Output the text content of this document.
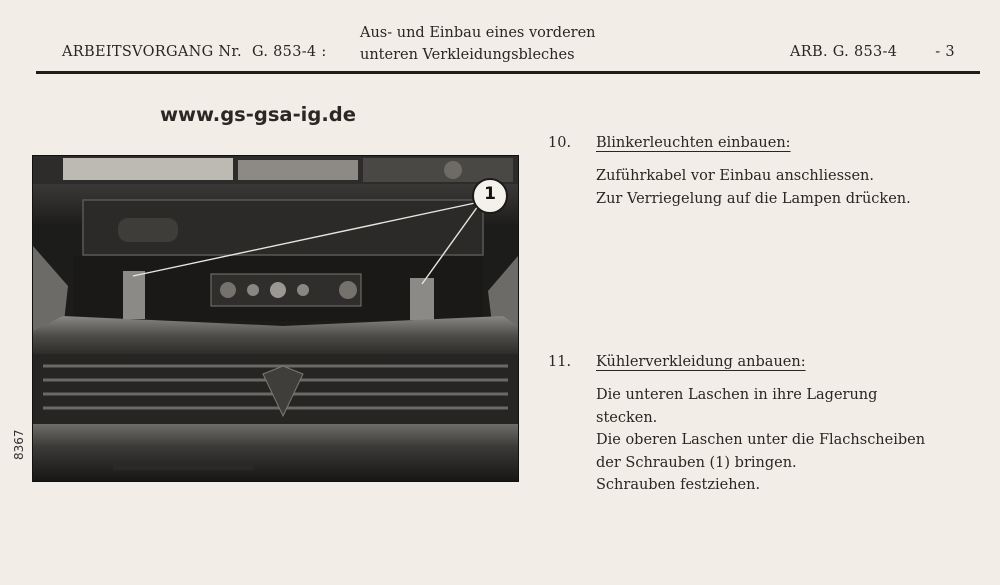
ARBEITSVORGANG Nr. G. 853-4 :
Aus- und Einbau eines vorderen
unteren Verkleidungsbleches	ARB. G. 853-4	- 3
www.gs-gsa-ig.de
1
8367
10. Blinkerleuchten einbauen:
Zuführkabel vor Einbau anschliessen.
Zur Verriegelung auf die Lampen drücken.
11. Kühlerverkleidung anbauen:
Die unteren Laschen in ihre Lagerung
stecken.
Die oberen Laschen unter die Flachscheiben
der Schrauben (1) bringen.
Schrauben festziehen.
